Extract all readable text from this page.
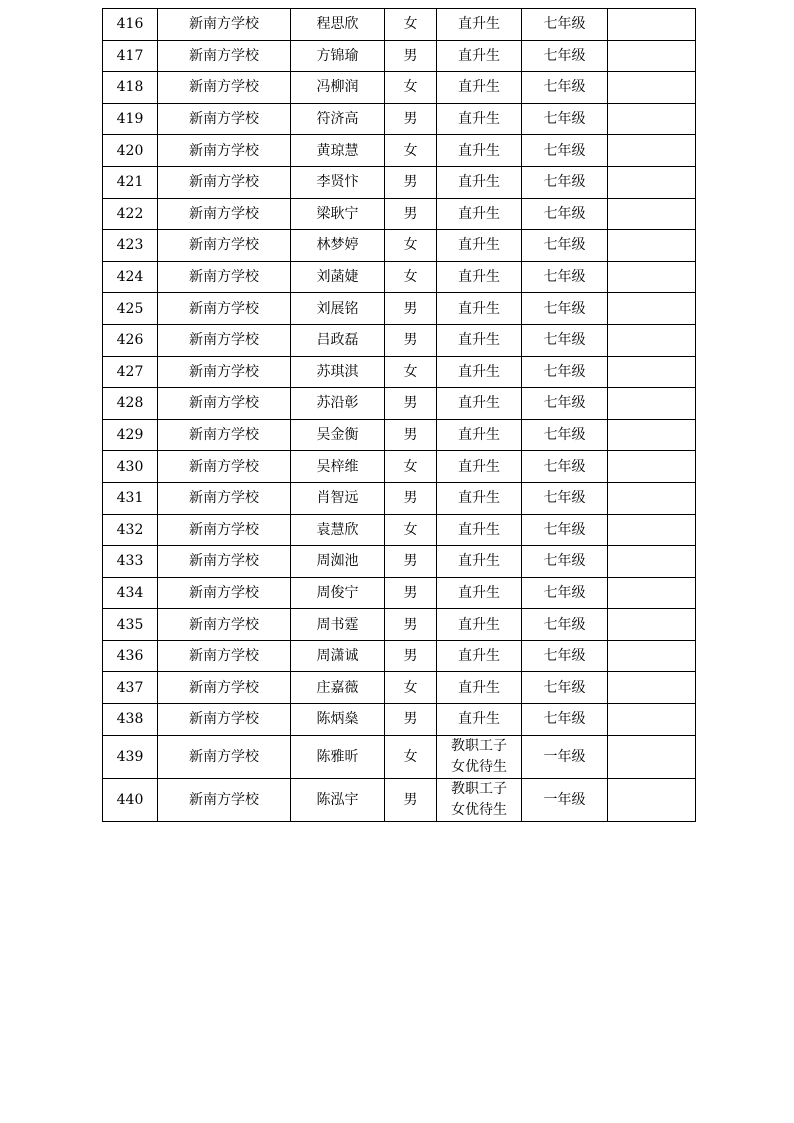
416	新南方学校	程思欣	女	直升生	七年级	
417	新南方学校	方锦瑜	男	直升生	七年级	
418	新南方学校	冯柳润	女	直升生	七年级	
419	新南方学校	符济高	男	直升生	七年级	
420	新南方学校	黄琼慧	女	直升生	七年级	
421	新南方学校	李贤忭	男	直升生	七年级	
422	新南方学校	梁耿宁	男	直升生	七年级	
423	新南方学校	林梦婷	女	直升生	七年级	
424	新南方学校	刘菡婕	女	直升生	七年级	
425	新南方学校	刘展铭	男	直升生	七年级	
426	新南方学校	吕政磊	男	直升生	七年级	
427	新南方学校	苏琪淇	女	直升生	七年级	
428	新南方学校	苏沿彰	男	直升生	七年级	
429	新南方学校	吴金衡	男	直升生	七年级	
430	新南方学校	吴梓维	女	直升生	七年级	
431	新南方学校	肖智远	男	直升生	七年级	
432	新南方学校	袁慧欣	女	直升生	七年级	
433	新南方学校	周洳池	男	直升生	七年级	
434	新南方学校	周俊宁	男	直升生	七年级	
435	新南方学校	周书霆	男	直升生	七年级	
436	新南方学校	周潇诚	男	直升生	七年级	
437	新南方学校	庄嘉薇	女	直升生	七年级	
438	新南方学校	陈炳燊	男	直升生	七年级	
439	新南方学校	陈雅昕	女	教职工子
女优待生	一年级	
440	新南方学校	陈泓宇	男	教职工子
女优待生	一年级	
